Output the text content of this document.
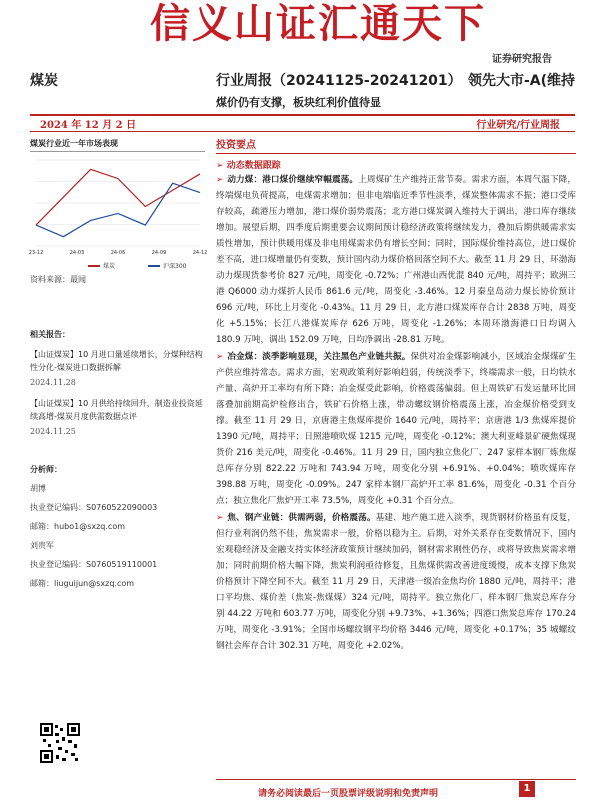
信义山证汇通天下
证券研究报告
煤炭	行业周报（20241125-20241201） 领先大市-A(维持
煤价仍有支撑，板块红利价值待显
2024 年 12 月 2 日	行业研究/行业周报
煤炭行业近一年市场表现
23-12	24-03	24-06	24-09	24-12
煤炭	沪深300
资料来源：最闻
相关报告：
【山证煤炭】10 月进口量延续增长，分煤种结构性分化-煤炭进口数据拆解
2024.11.28
【山证煤炭】10 月供给持续回升，制造业投资延续高增-煤炭月度供需数据点评
2024.11.25
分析师：
胡博
执业登记编码：S0760522090003
邮箱：hubo1@sxzq.com
刘贵军
执业登记编码：S0760519110001
邮箱：liuguijun@sxzq.com
投资要点
➢ 动态数据跟踪
➢ 动力煤：港口煤价继续窄幅震荡。上周煤矿生产维持正常节奏。需求方面，本周气温下降，终端煤电负荷提高，电煤需求增加；但非电端临近季节性淡季，煤炭整体需求不振；港口受库存较高，疏港压力增加，港口煤价弱势震荡；北方港口煤炭调入维持大于调出，港口库存继续增加。展望后期，四季度后期重要会议期间预计稳经济政策将继续发力，叠加后期供暖需求实质性增加，预计供暖用煤及非电用煤需求仍有增长空间；同时，国际煤价维持高位，进口煤价差不高，进口煤增量仍有变数，预计国内动力煤价格回落空间不大。截至 11 月 29 日，环渤海动力煤现货参考价 827 元/吨，周变化 -0.72%；广州港山西优混 840 元/吨，周持平；欧洲三港 Q6000 动力煤折人民币 861.6 元/吨，周变化 -3.46%。12 月秦皇岛动力煤长协价预计 696 元/吨，环比上月变化 -0.43%。11 月 29 日，北方港口煤炭库存合计 2838 万吨，周变化 +5.15%；长江八港煤炭库存 626 万吨，周变化 -1.26%；本周环渤海港口日均调入 180.9 万吨，调出 152.09 万吨，日均净调出 -28.81 万吨。
➢ 冶金煤：淡季影响显现，关注黑色产业链共振。保供对冶金煤影响减小，区域冶金煤煤矿生产供应维持常态。需求方面，宏观政策利好影响趋弱，传统淡季下，终端需求一般，日均铁水产量、高炉开工率均有所下降；冶金煤受此影响，价格震荡偏弱。但上周铁矿石发运量环比回落叠加前期高炉检修出合，铁矿石价格上涨，带动螺纹钢价格震荡上涨，冶金煤价格受到支撑。截至 11 月 29 日，京唐港主焦煤库提价 1640 元/吨，周持平；京唐港 1/3 焦煤库提价 1390 元/吨，周持平；日照港喷吹煤 1215 元/吨，周变化 -0.12%；澳大利亚峰景矿硬焦煤现货价 216 美元/吨，周变化 -0.46%。11 月 29 日，国内独立焦化厂、247 家样本钢厂炼焦煤总库存分别 822.22 万吨和 743.94 万吨，周变化分别 +6.91%、+0.04%；喷吹煤库存 398.88 万吨，周变化 -0.09%。247 家样本钢厂高炉开工率 81.6%，周变化 -0.31 个百分点；独立焦化厂焦炉开工率 73.5%，周变化 +0.31 个百分点。
➢ 焦、钢产业链：供需两弱，价格震荡。基建、地产施工进入淡季，现货钢材价格虽有反复，但行业利润仍然不佳，焦炭需求一般，价格以稳为主。后期，对外关系存在变数情况下，国内宏观稳经济及金融支持实体经济政策预计继续加码，钢材需求刚性仍存，或将导致焦炭需求增加；同时前期价格大幅下降，焦炭利润亟待修复，且焦煤供需改善进度缓慢，成本支撑下焦炭价格预计下降空间不大。截至 11 月 29 日，天津港一级冶金焦均价 1880 元/吨，周持平；港口平均焦、煤价差（焦炭-焦煤煤）324 元/吨，周持平。独立焦化厂、样本钢厂焦炭总库存分别 44.22 万吨和 603.77 万吨，周变化分别 +9.73%、+1.36%；四港口焦炭总库存 170.24 万吨，周变化 -3.91%；全国市场螺纹钢平均价格 3446 元/吨，周变化 +0.17%；35 城螺纹钢社会库存合计 302.31 万吨，周变化 +2.02%。
请务必阅读最后一页股票评级说明和免责声明	1
